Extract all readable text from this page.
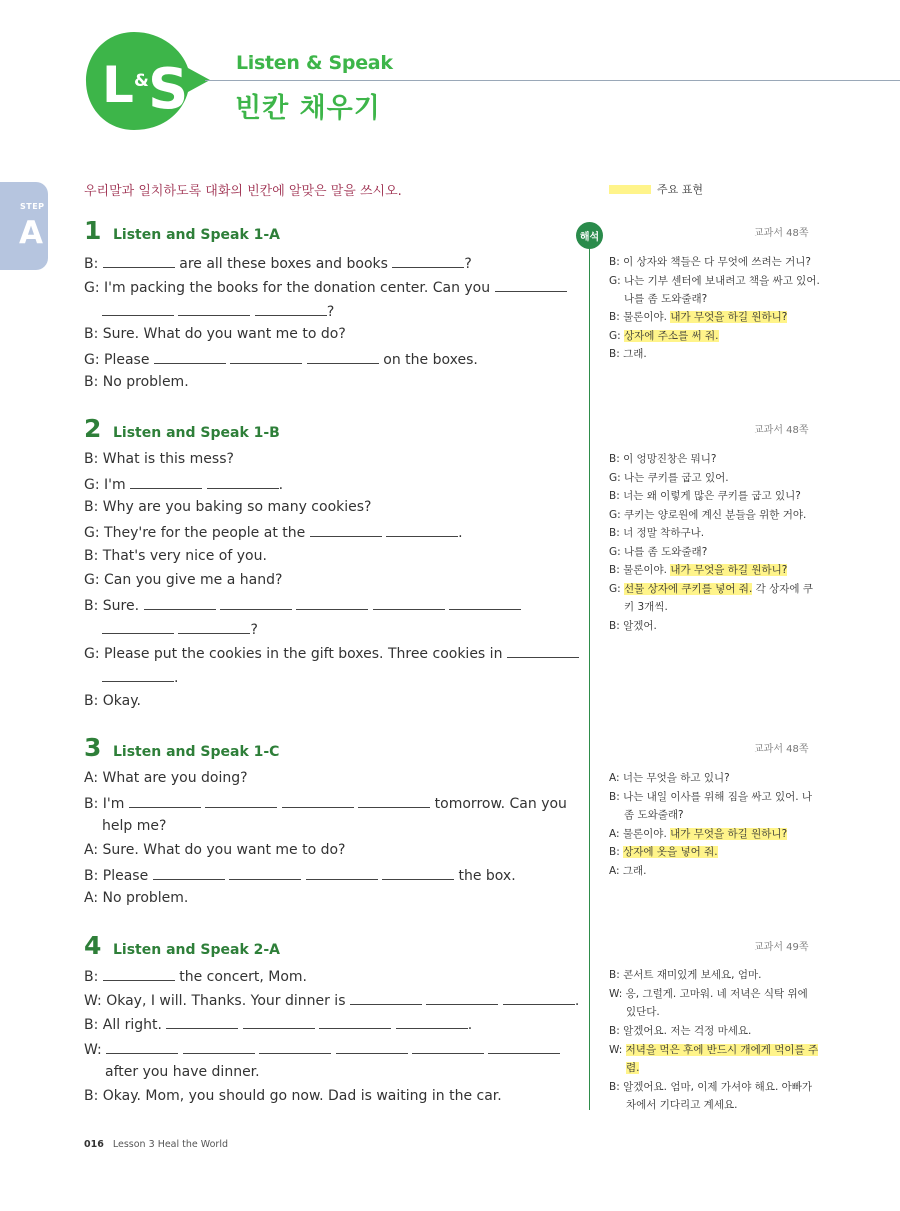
L & S	Listen & Speak
빈칸 채우기
STEP
A
우리말과 일치하도록 대화의 빈칸에 알맞은 말을 쓰시오.	주요 표현
해석
1 Listen and Speak 1-A	교과서 48쪽
B:	are all these boxes and books	?
G: I'm packing the books for the donation center. Can you
?
B: Sure. What do you want me to do?
G: Please	on the boxes.
B: No problem.
B: 이 상자와 책들은 다 무엇에 쓰려는 거니?
G: 나는 기부 센터에 보내려고 책을 싸고 있어.
나를 좀 도와줄래?
B: 물론이야. 내가 무엇을 하길 원하니?
G: 상자에 주소를 써 줘.
B: 그래.
2 Listen and Speak 1-B	교과서 48쪽
B: What is this mess?
G: I'm	.
B: Why are you baking so many cookies?
G: They're for the people at the	.
B: That's very nice of you.
G: Can you give me a hand?
B: Sure.
?
G: Please put the cookies in the gift boxes. Three cookies in
.
B: Okay.
B: 이 엉망진창은 뭐니?
G: 나는 쿠키를 굽고 있어.
B: 너는 왜 이렇게 많은 쿠키를 굽고 있니?
G: 쿠키는 양로원에 계신 분들을 위한 거야.
B: 너 정말 착하구나.
G: 나를 좀 도와줄래?
B: 물론이야. 내가 무엇을 하길 원하니?
G: 선물 상자에 쿠키를 넣어 줘. 각 상자에 쿠
키 3개씩.
B: 알겠어.
3 Listen and Speak 1-C	교과서 48쪽
A: What are you doing?
B: I'm	tomorrow. Can you
help me?
A: Sure. What do you want me to do?
B: Please	the box.
A: No problem.
A: 너는 무엇을 하고 있니?
B: 나는 내일 이사를 위해 짐을 싸고 있어. 나
좀 도와줄래?
A: 물론이야. 내가 무엇을 하길 원하니?
B: 상자에 옷을 넣어 줘.
A: 그래.
4 Listen and Speak 2-A	교과서 49쪽
B:	the concert, Mom.
W: Okay, I will. Thanks. Your dinner is	.
B: All right.	.
W:
after you have dinner.
B: Okay. Mom, you should go now. Dad is waiting in the car.
B: 콘서트 재미있게 보세요, 엄마.
W: 응, 그럴게. 고마워. 네 저녁은 식탁 위에
있단다.
B: 알겠어요. 저는 걱정 마세요.
W: 저녁을 먹은 후에 반드시 개에게 먹이를 주
렴.
B: 알겠어요. 엄마, 이제 가셔야 해요. 아빠가
차에서 기다리고 계세요.
016 Lesson 3 Heal the World
